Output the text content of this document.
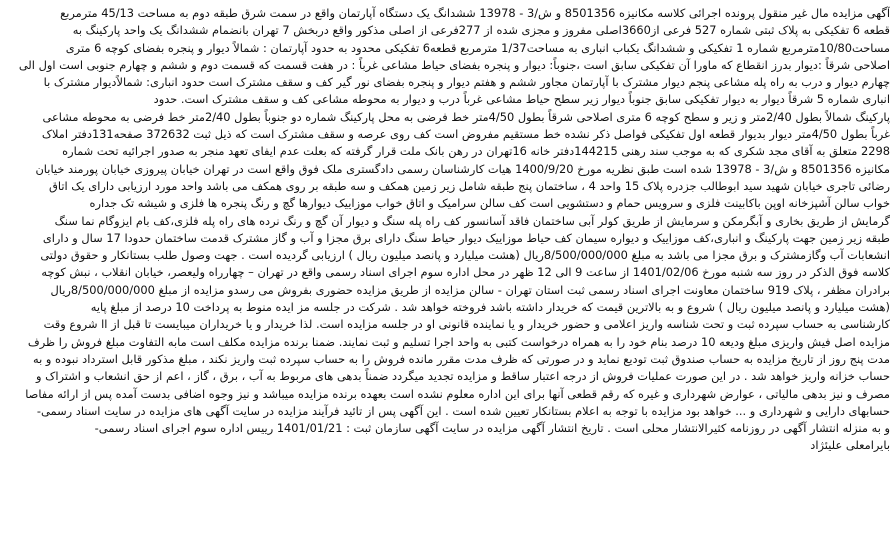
آگهی مزایده مال غیر منقول پرونده اجرائی کلاسه مکانیزه 8501356 و ش/3 - 13978 ششدانگ یک دستگاه آپارتمان واقع در سمت شرق طبقه دوم به مساحت 45/13 مترمربع
قطعه 6 تفکیکی به پلاک ثبتی شماره 527 فرعی از3660اصلی مفروز و مجزی شده از 277فرعی از اصلی مذکور واقع دربخش 7 تهران بانضمام ششدانگ یک واحد پارکینگ به
مساحت10/80مترمربع شماره 1 تفکیکی و ششدانگ یکباب انباری به مساحت1/37 مترمربع قطعه6 تفکیکی محدود به حدود آپارتمان : شمالاً دیوار و پنجره بفضای کوچه 6 متری
اصلاحی شرقاً :دیوار بدرز انقطاع که ماورا آن تفکیکی سابق است ،جنوباً: دیوار و پنجره بفضای حیاط مشاعی غرباً : در هفت قسمت که قسمت دوم و ششم و چهارم جنوبی است اول الی
چهارم دیوار و درب به راه پله مشاعی پنجم دیوار مشترک با آپارتمان مجاور ششم و هفتم دیوار و پنجره بفضای نور گیر کف و سقف مشترک است حدود انباری: شمالاًدیوار مشترک با
انباری شماره 5 شرقاً دیوار به دیوار تفکیکی سابق جنوباً دیوار زیر سطح حیاط مشاعی غرباً درب و دیوار به محوطه مشاعی کف و سقف مشترک است. حدود
پارکینگ شمالاً بطول 2/40متر و زیر و سطح کوچه 6 متری اصلاحی شرقاً بطول 4/50متر خط فرضی به محل پارکینگ شماره دو جنوباً بطول 2/40متر خط فرضی به محوطه مشاعی
غرباً بطول 4/50متر دیوار بدیوار قطعه اول تفکیکی فواصل ذکر نشده خط مستقیم مفروض است کف روی عرصه و سقف مشترک است که ذیل ثبت 372632 صفحه131دفتر املاک
2298 متعلق به آقای مجد شکری که به موجب سند رهنی 144215دفتر خانه 16تهران در رهن بانک ملت قرار گرفته که بعلت عدم ایفای تعهد منجر به صدور اجرائیه تحت شماره
مکانیزه 8501356 و ش/3 - 13978 شده است طبق نظریه مورخ 1400/9/20 هیات کارشناسان رسمی دادگستری ملک فوق واقع است در تهران خیابان پیروزی خیابان پورمند خیابان
رضائی تاجری خیابان شهید سید ابوطالب جزدره پلاک 15 واحد 4 ، ساختمان پنج طبقه شامل زیر زمین همکف و سه طبقه بر روی همکف می باشد واحد مورد ارزیابی دارای یک اتاق
خواب سالن آشپزخانه اوپن باکابینت فلزی و سرویس حمام و دستشویی است کف سالن سرامیک و اتاق خواب موزاییک دیوارها گچ و رنگ پنجره ها فلزی و شیشه تک جداره
گرمایش از طریق بخاری و آبگرمکن و سرمایش از طریق کولر آبی ساختمان فاقد آسانسور کف راه پله سنگ و دیوار آن گچ و رنگ نرده های راه پله فلزی،کف بام ایزوگام نما سنگ
طبقه زیر زمین جهت پارکینگ و انباری،کف موزاییک و دیواره سیمان کف حیاط موزاییک دیوار حیاط سنگ دارای برق مجزا و آب و گاز مشترک قدمت ساختمان حدودا 17 سال و دارای
انشعابات آب وگازمشترک و برق مجزا می باشد به مبلغ 8/500/000/000ریال (هشت میلیارد و پانصد میلیون ریال ) ارزیابی گردیده است . جهت وصول طلب بستانکار و حقوق دولتی
کلاسه فوق الذکر در روز سه شنبه مورخ 1401/02/06 از ساعت 9 الی 12 ظهر در محل اداره سوم اجرای اسناد رسمی واقع در تهران – چهارراه ولیعصر، خیابان انقلاب ، نبش کوچه
برادران مظفر ، پلاک 919 ساختمان معاونت اجرای اسناد رسمی ثبت استان تهران - سالن مزایده از طریق مزایده حضوری بفروش می رسدو مزایده از مبلغ 8/500/000/000ریال
(هشت میلیارد و پانصد میلیون ریال ) شروع و به بالاترین قیمت که خریدار داشته باشد فروخته خواهد شد . شرکت در جلسه مز ایده منوط به پرداخت 10 درصد از مبلغ پایه
کارشناسی به حساب سپرده ثبت و تحت شناسه واریز اعلامی و حضور خریدار و یا نماینده قانونی او در جلسه مزایده است. لذا خریدار و یا خریداران میبایست تا قبل از اا شروع وقت
مزایده اصل فیش واریزی مبلغ ودیعه 10 درصد بنام خود را به همراه درخواست کتبی به واحد اجرا تسلیم و ثبت نمایند. ضمنا برنده مزایده مکلف است مابه التفاوت مبلغ فروش را ظرف
مدت پنج روز از تاریخ مزایده به حساب صندوق ثبت تودیع نماید و در صورتی که ظرف مدت مقرر مانده فروش را به حساب سپرده ثبت واریز نکند ، مبلغ مذکور قابل استرداد نبوده و به
حساب خزانه واریز خواهد شد . در این صورت عملیات فروش از درجه اعتبار ساقط و مزایده تجدید میگردد ضمناً بدهی های مربوط به آب ، برق ، گاز ، اعم از حق انشعاب و اشتراک و
مصرف و نیز بدهی مالیاتی ، عوارض شهرداری و غیره که رقم قطعی آنها برای این اداره معلوم نشده است بعهده برنده مزایده میباشد و نیز وجوه اضافی بدست آمده پس از ارائه مفاصا
حسابهای دارایی و شهرداری و ... خواهد بود مزایده با توجه به اعلام بستانکار تعیین شده است . این آگهی پس از تائید فرآیند مزایده در سایت آگهی های مزایده در سایت اسناد رسمی-
و به منزله انتشار آگهی در روزنامه کثیرالانتشار محلی است . تاریخ انتشار آگهی مزایده در سایت آگهی سازمان ثبت : 1401/01/21 رییس اداره سوم اجرای اسناد رسمی-
بایرامعلی علیئژاد
